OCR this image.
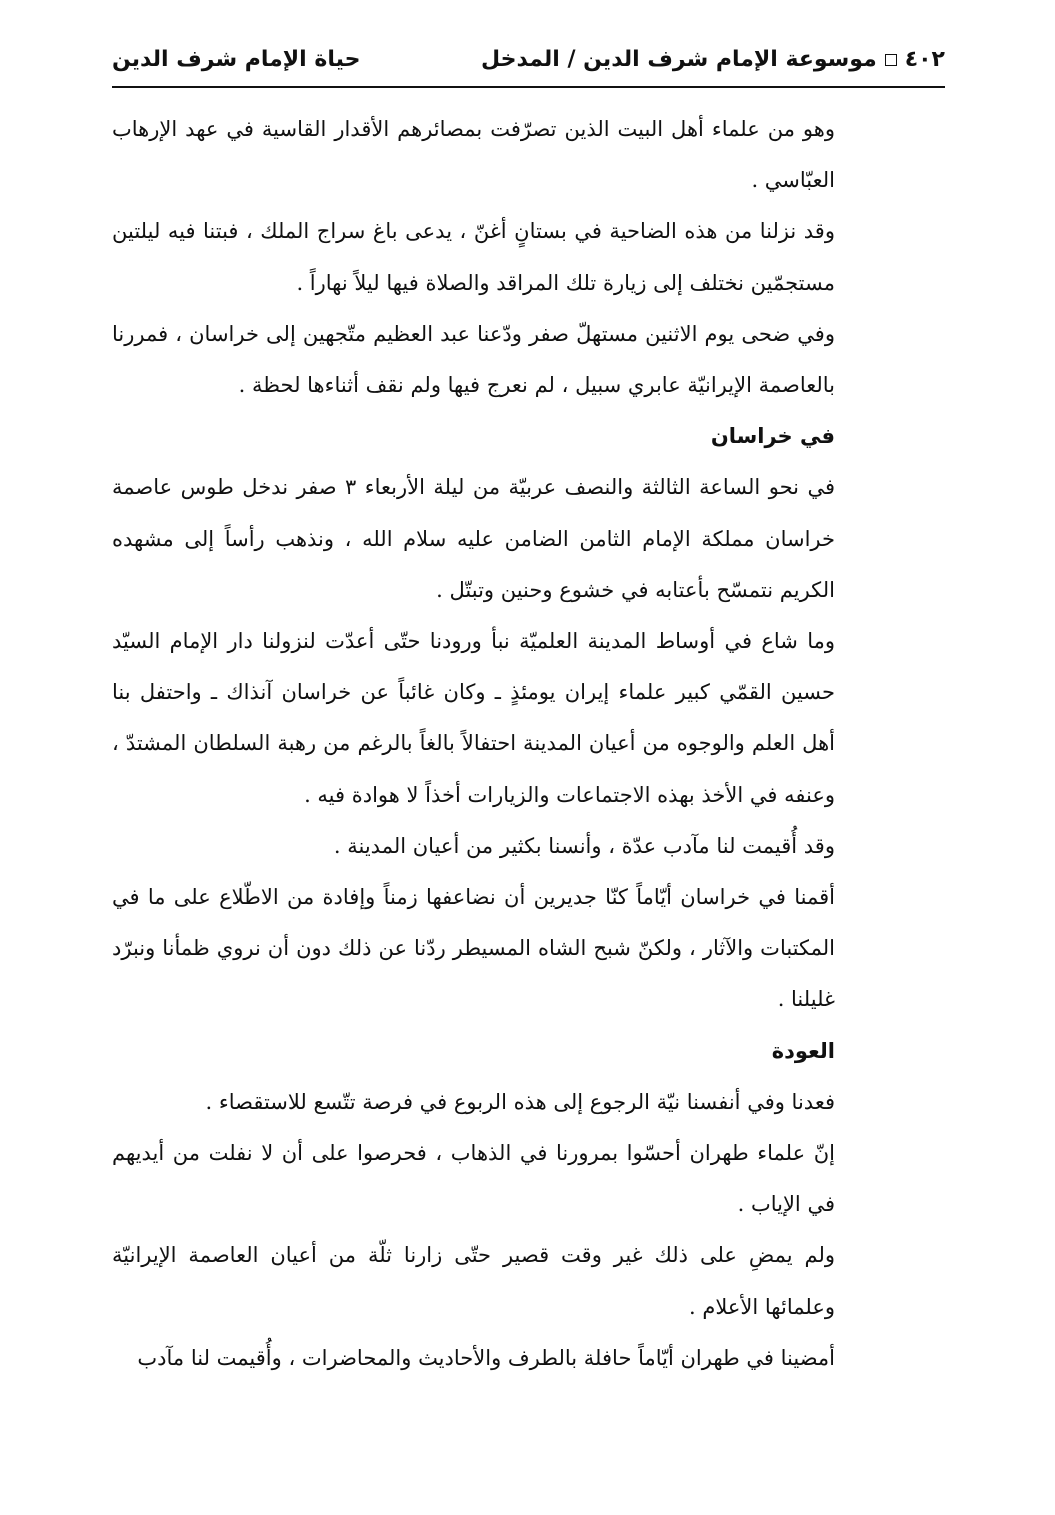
٤٠٢موسوعة الإمام شرف الدين / المدخل
حياة الإمام شرف الدين

وهو من علماء أهل البيت الذين تصرّفت بمصائرهم الأقدار القاسية في عهد الإرهاب العبّاسي .

وقد نزلنا من هذه الضاحية في بستانٍ أغنّ ، يدعى باغ سراج الملك ، فبتنا فيه ليلتين مستجمّين نختلف إلى زيارة تلك المراقد والصلاة فيها ليلاً نهاراً .

وفي ضحى يوم الاثنين مستهلّ صفر ودّعنا عبد العظيم متّجهين إلى خراسان ، فمررنا بالعاصمة الإيرانيّة عابري سبيل ، لم نعرج فيها ولم نقف أثناءها لحظة .

في خراسان

في نحو الساعة الثالثة والنصف عربيّة من ليلة الأربعاء ٣ صفر ندخل طوس عاصمة خراسان مملكة الإمام الثامن الضامن عليه سلام الله ، ونذهب رأساً إلى مشهده الكريم نتمسّح بأعتابه في خشوع وحنين وتبتّل .

وما شاع في أوساط المدينة العلميّة نبأ ورودنا حتّى أعدّت لنزولنا دار الإمام السيّد حسين القمّي كبير علماء إيران يومئذٍ ـ وكان غائباً عن خراسان آنذاك ـ واحتفل بنا أهل العلم والوجوه من أعيان المدينة احتفالاً بالغاً بالرغم من رهبة السلطان المشتدّ ، وعنفه في الأخذ بهذه الاجتماعات والزيارات أخذاً لا هوادة فيه .

وقد أُقيمت لنا مآدب عدّة ، وأنسنا بكثير من أعيان المدينة .

أقمنا في خراسان أيّاماً كنّا جديرين أن نضاعفها زمناً وإفادة من الاطّلاع على ما في المكتبات والآثار ، ولكنّ شبح الشاه المسيطر ردّنا عن ذلك دون أن نروي ظمأنا ونبرّد غليلنا .

العودة

فعدنا وفي أنفسنا نيّة الرجوع إلى هذه الربوع في فرصة تتّسع للاستقصاء .

إنّ علماء طهران أحسّوا بمرورنا في الذهاب ، فحرصوا على أن لا نفلت من أيديهم في الإياب .

ولم يمضِ على ذلك غير وقت قصير حتّى زارنا ثلّة من أعيان العاصمة الإيرانيّة وعلمائها الأعلام .

أمضينا في طهران أيّاماً حافلة بالطرف والأحاديث والمحاضرات ، وأُقيمت لنا مآدب
